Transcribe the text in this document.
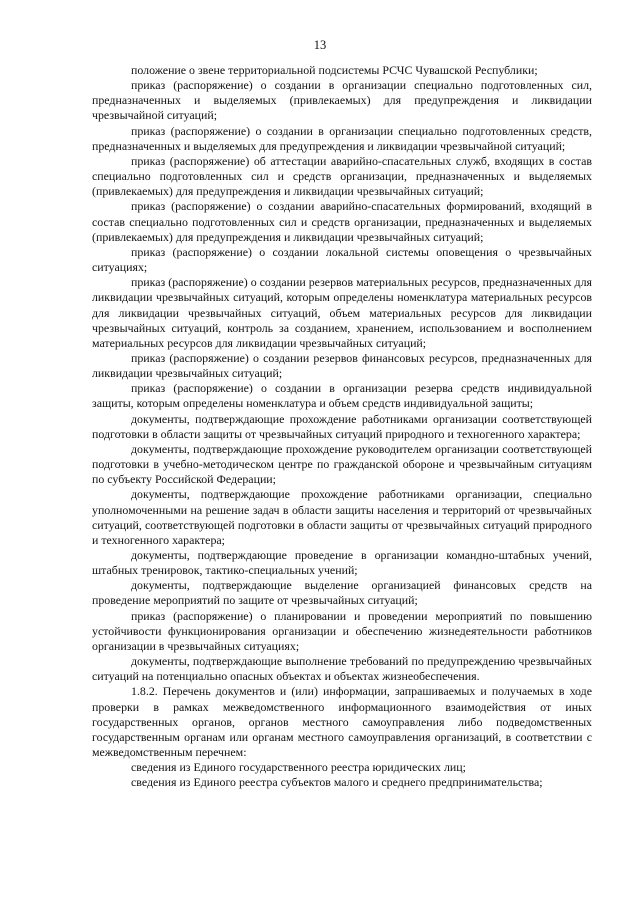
13

положение о звене территориальной подсистемы РСЧС Чувашской Республики;

приказ (распоряжение) о создании в организации специально подготовленных сил, предназначенных и выделяемых (привлекаемых) для предупреждения и ликвидации чрезвычайной ситуаций;

приказ (распоряжение) о создании в организации специально подготовленных средств, предназначенных и выделяемых для предупреждения и ликвидации чрезвычайной ситуаций;

приказ (распоряжение) об аттестации аварийно-спасательных служб, входящих в состав специально подготовленных сил и средств организации, предназначенных и выделяемых (привлекаемых) для предупреждения и ликвидации чрезвычайных ситуаций;

приказ (распоряжение) о создании аварийно-спасательных формирований, входящий в состав специально подготовленных сил и средств организации, предназначенных и выделяемых (привлекаемых) для предупреждения и ликвидации чрезвычайных ситуаций;

приказ (распоряжение) о создании локальной системы оповещения о чрезвычайных ситуациях;

приказ (распоряжение) о создании резервов материальных ресурсов, предназначенных для ликвидации чрезвычайных ситуаций, которым определены номенклатура материальных ресурсов для ликвидации чрезвычайных ситуаций, объем материальных ресурсов для ликвидации чрезвычайных ситуаций, контроль за созданием, хранением, использованием и восполнением материальных ресурсов для ликвидации чрезвычайных ситуаций;

приказ (распоряжение) о создании резервов финансовых ресурсов, предназначенных для ликвидации чрезвычайных ситуаций;

приказ (распоряжение) о создании в организации резерва средств индивидуальной защиты, которым определены номенклатура и объем средств индивидуальной защиты;

документы, подтверждающие прохождение работниками организации соответствующей подготовки в области защиты от чрезвычайных ситуаций природного и техногенного характера;

документы, подтверждающие прохождение руководителем организации соответствующей подготовки в учебно-методическом центре по гражданской обороне и чрезвычайным ситуациям по субъекту Российской Федерации;

документы, подтверждающие прохождение работниками организации, специально уполномоченными на решение задач в области защиты населения и территорий от чрезвычайных ситуаций, соответствующей подготовки в области защиты от чрезвычайных ситуаций природного и техногенного характера;

документы, подтверждающие проведение в организации командно-штабных учений, штабных тренировок, тактико-специальных учений;

документы, подтверждающие выделение организацией финансовых средств на проведение мероприятий по защите от чрезвычайных ситуаций;

приказ (распоряжение) о планировании и проведении мероприятий по повышению устойчивости функционирования организации и обеспечению жизнедеятельности работников организации в чрезвычайных ситуациях;

документы, подтверждающие выполнение требований по предупреждению чрезвычайных ситуаций на потенциально опасных объектах и объектах жизнеобеспечения.

1.8.2. Перечень документов и (или) информации, запрашиваемых и получаемых в ходе проверки в рамках межведомственного информационного взаимодействия от иных государственных органов, органов местного самоуправления либо подведомственных государственным органам или органам местного самоуправления организаций, в соответствии с межведомственным перечнем:

сведения из Единого государственного реестра юридических лиц;

сведения из Единого реестра субъектов малого и среднего предпринимательства;
